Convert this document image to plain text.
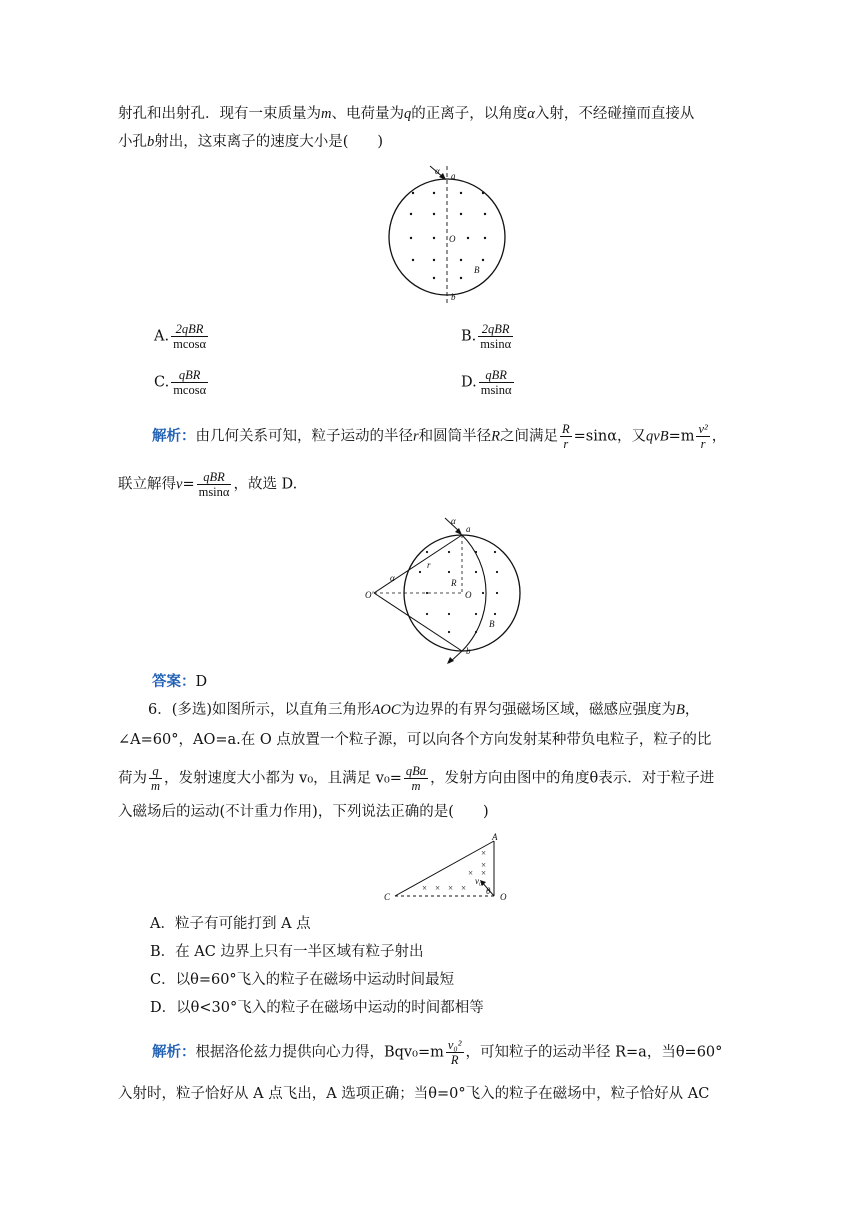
射孔和出射孔．现有一束质量为m、电荷量为q的正离子，以角度α入射，不经碰撞而直接从
小孔b射出，这束离子的速度大小是(　　)
α a
O
B
b
A. $\frac{\text{2qBR}}{mcos\alpha}$	B. $\frac{\text{2qBR}}{msin\alpha}$
C. $\frac{\text{qBR}}{mcos\alpha}$	D. $\frac{\text{qBR}}{msin\alpha}$
解析：由几何关系可知，粒子运动的半径r和圆筒半径R之间满足 $\frac{R}{r} =\sin\alpha$，又$qvB=m \frac{\text{v²}}{r}$ ，
联立解得$v= \frac{\text{qBR}}{msin\alpha}$ ，故选 D.
α
a
α
r
R
O'	O
B
b
答案：D
6．(多选)如图所示，以直角三角形AOC为边界的有界匀强磁场区域，磁感应强度为B，
∠A=60°，AO=a.在 O 点放置一个粒子源，可以向各个方向发射某种带负电粒子，粒子的比
荷为 $\frac{q}{m}$ ，发射速度大小都为 v₀，且满足 $v_0= \frac{\text{qBa}}{m}$ ，发射方向由图中的角度θ表示．对于粒子进
入磁场后的运动(不计重力作用)，下列说法正确的是(　　)
×
×
× ×
× × × ×
A
C	O
v₀
θ
A．粒子有可能打到 A 点
B．在 AC 边界上只有一半区域有粒子射出
C．以θ=60°飞入的粒子在磁场中运动时间最短
D．以θ<30°飞入的粒子在磁场中运动的时间都相等
解析：根据洛伦兹力提供向心力得，$Bqv_0=m \frac{\text{v₀²}}{R}$ ，可知粒子的运动半径 R=a，当θ=60°
入射时，粒子恰好从 A 点飞出，A 选项正确；当θ=0°飞入的粒子在磁场中，粒子恰好从 AC
